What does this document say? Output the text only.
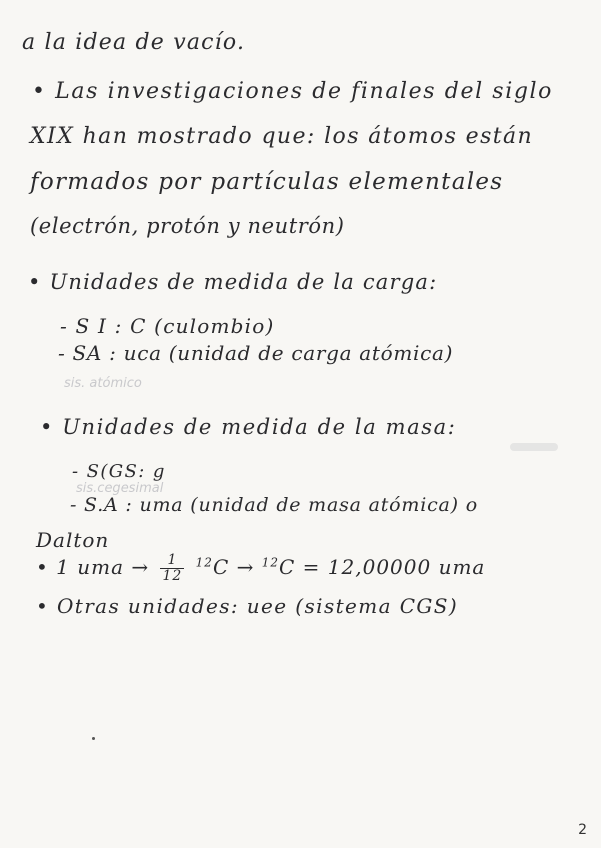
a la idea de vacío.
• Las investigaciones de finales del siglo
XIX han mostrado que: los átomos están
formados por partículas elementales
(electrón, protón y neutrón)
• Unidades de medida de la carga:
- S I : C (culombio)
- SA : uca (unidad de carga atómica)
sis. atómico
• Unidades de medida de la masa:
- S(GS: g
sis.cegesimal
- S.A : uma (unidad de masa atómica) o
Dalton
• 1 uma → $\frac{1}{12} ^{12}C \to ^{12}C = 12,00000$ uma
• Otras unidades: uee (sistema CGS)
2
